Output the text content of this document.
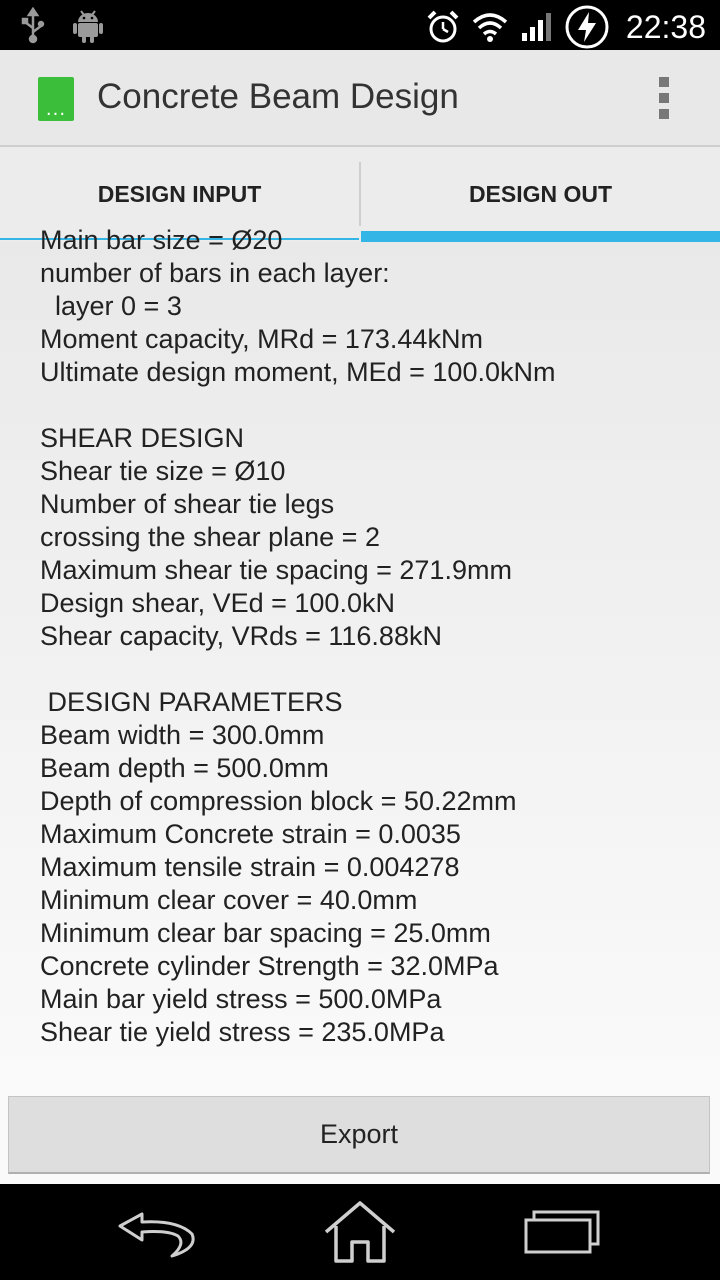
22:38
... Concrete Beam Design
DESIGN INPUT	DESIGN OUT
Main bar size = Ø20
number of bars in each layer:
layer 0 = 3
Moment capacity, MRd = 173.44kNm
Ultimate design moment, MEd = 100.0kNm
SHEAR DESIGN
Shear tie size = Ø10
Number of shear tie legs
crossing the shear plane = 2
Maximum shear tie spacing = 271.9mm
Design shear, VEd = 100.0kN
Shear capacity, VRds = 116.88kN
DESIGN PARAMETERS
Beam width = 300.0mm
Beam depth = 500.0mm
Depth of compression block = 50.22mm
Maximum Concrete strain = 0.0035
Maximum tensile strain = 0.004278
Minimum clear cover = 40.0mm
Minimum clear bar spacing = 25.0mm
Concrete cylinder Strength = 32.0MPa
Main bar yield stress = 500.0MPa
Shear tie yield stress = 235.0MPa
Export
